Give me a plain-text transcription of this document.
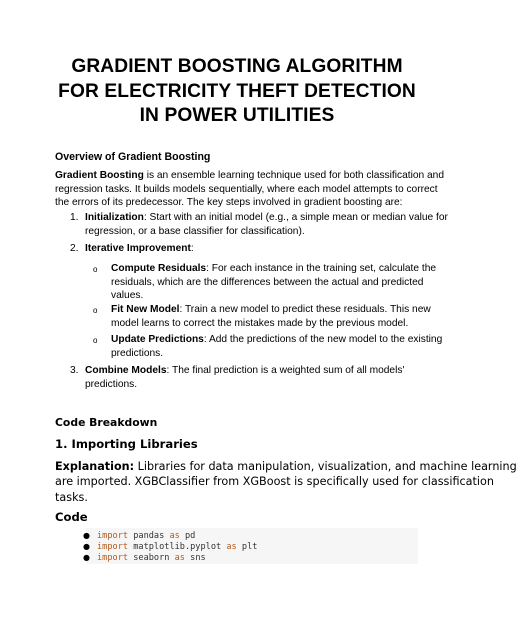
GRADIENT BOOSTING ALGORITHM
FOR ELECTRICITY THEFT DETECTION
IN POWER UTILITIES
Overview of Gradient Boosting
Gradient Boosting is an ensemble learning technique used for both classification and
regression tasks. It builds models sequentially, where each model attempts to correct
the errors of its predecessor. The key steps involved in gradient boosting are:
1. Initialization: Start with an initial model (e.g., a simple mean or median value for
regression, or a base classifier for classification).
2. Iterative Improvement:
o Compute Residuals: For each instance in the training set, calculate the
residuals, which are the differences between the actual and predicted
values.
o Fit New Model: Train a new model to predict these residuals. This new
model learns to correct the mistakes made by the previous model.
o Update Predictions: Add the predictions of the new model to the existing
predictions.
3. Combine Models: The final prediction is a weighted sum of all models'
predictions.
Code Breakdown
1. Importing Libraries
Explanation: Libraries for data manipulation, visualization, and machine learning
are imported. XGBClassifier from XGBoost is specifically used for classification
tasks.
Code
● import pandas as pd
● import matplotlib.pyplot as plt
● import seaborn as sns
